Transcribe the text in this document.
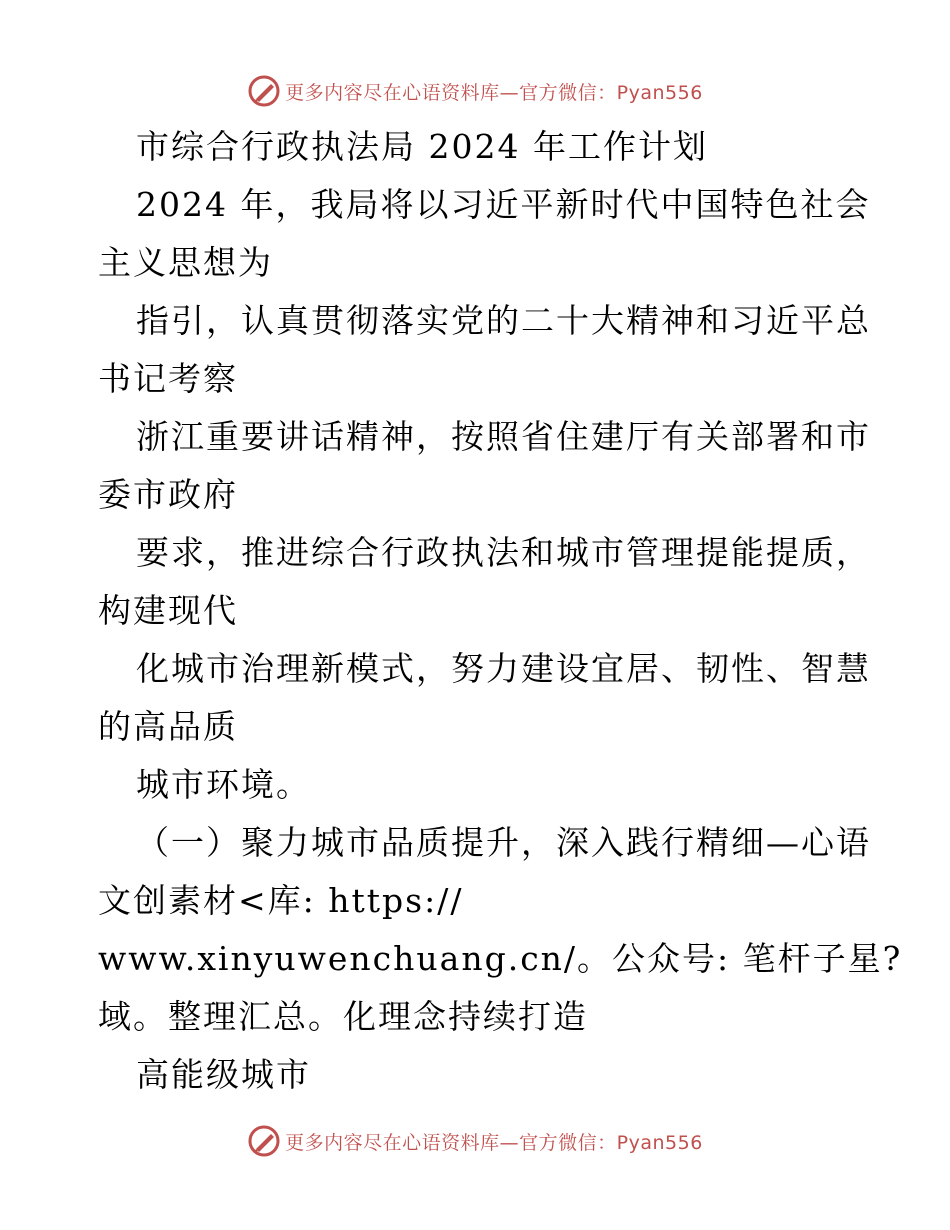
更多内容尽在心语资料库—官方微信：Pyan556
市综合行政执法局 2024 年工作计划
2024 年，我局将以习近平新时代中国特色社会
主义思想为
指引，认真贯彻落实党的二十大精神和习近平总
书记考察
浙江重要讲话精神，按照省住建厅有关部署和市
委市政府
要求，推进综合行政执法和城市管理提能提质，
构建现代
化城市治理新模式，努力建设宜居、韧性、智慧
的高品质
城市环境。
（一）聚力城市品质提升，深入践行精细—心语
文创素材<库: https://
www.xinyuwenchuang.cn/。公众号: 笔杆子星?
域。整理汇总。化理念持续打造
高能级城市
更多内容尽在心语资料库—官方微信：Pyan556
